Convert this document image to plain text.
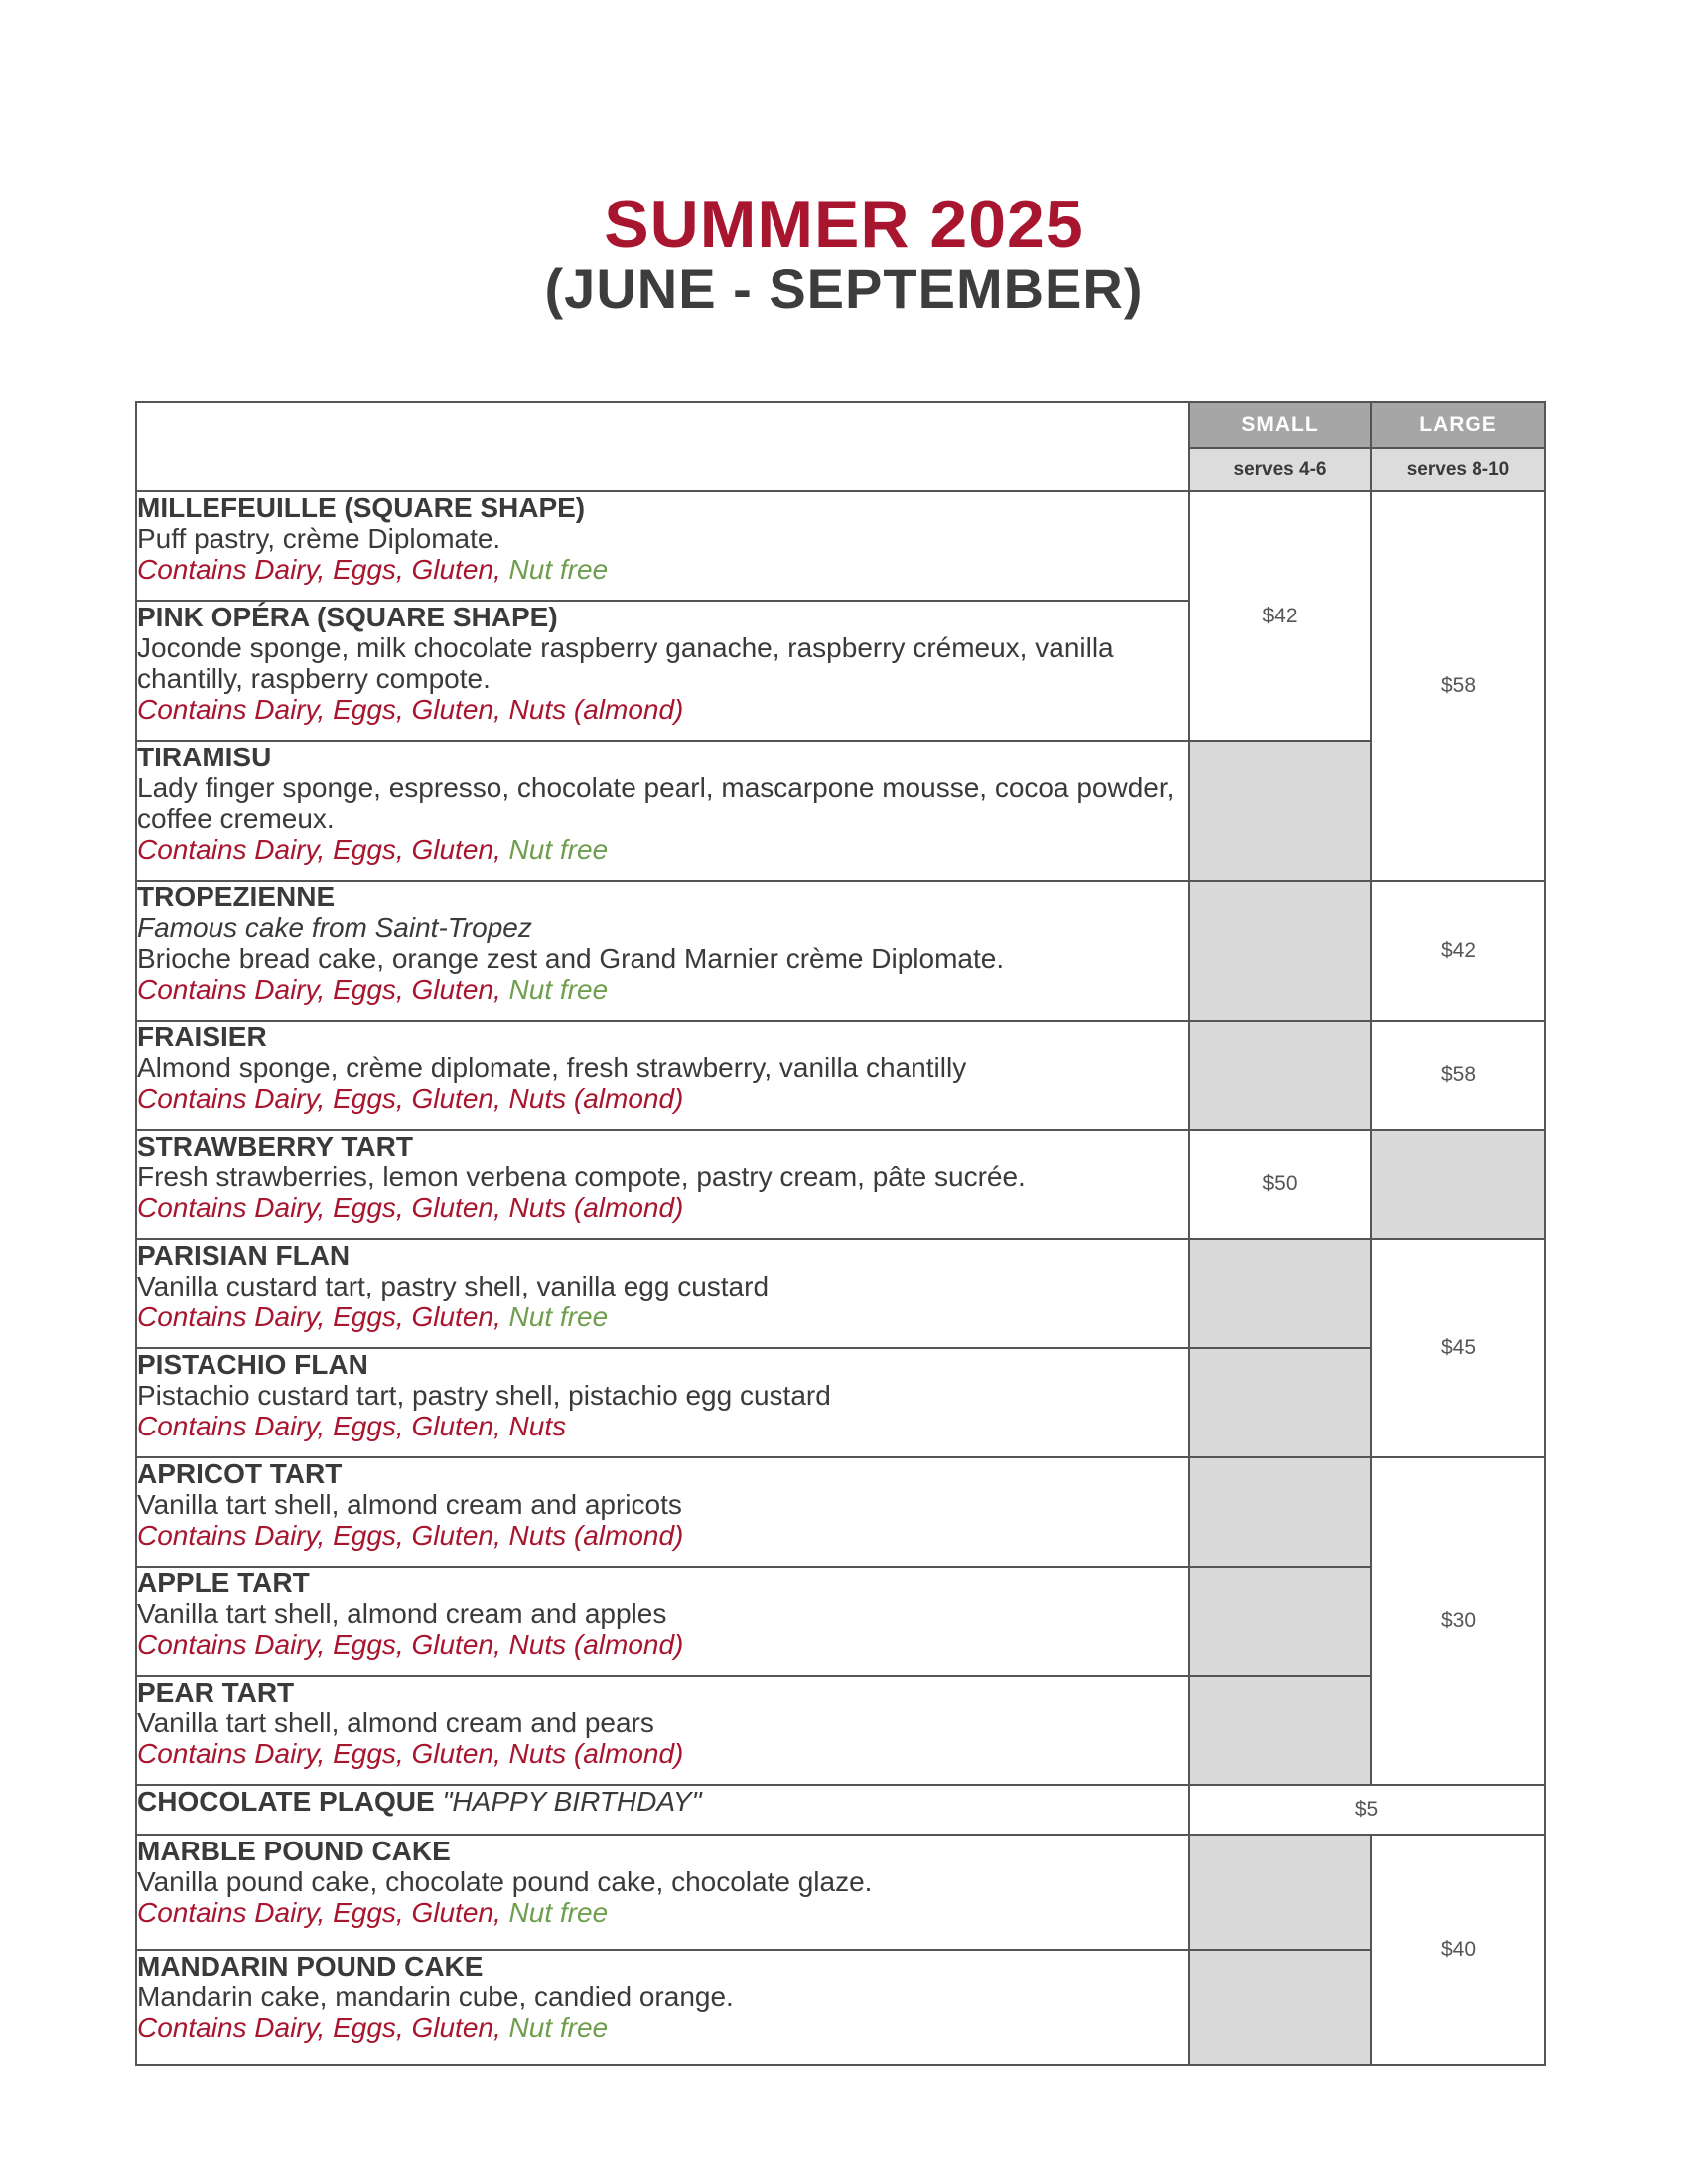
SUMMER 2025
(JUNE - SEPTEMBER)
	SMALL	LARGE
	serves 4-6	serves 8-10

MILLEFEUILLE (SQUARE SHAPE)
Puff pastry, crème Diplomate.
Contains Dairy, Eggs, Gluten, Nut free	$42	$58

PINK OPÉRA (SQUARE SHAPE)
Joconde sponge, milk chocolate raspberry ganache, raspberry crémeux, vanilla chantilly, raspberry compote.
Contains Dairy, Eggs, Gluten, Nuts (almond)		

TIRAMISU
Lady finger sponge, espresso, chocolate pearl, mascarpone mousse, cocoa powder, coffee cremeux.
Contains Dairy, Eggs, Gluten, Nut free		

TROPEZIENNE
Famous cake from Saint-Tropez
Brioche bread cake, orange zest and Grand Marnier crème Diplomate.
Contains Dairy, Eggs, Gluten, Nut free		$42

FRAISIER
Almond sponge, crème diplomate, fresh strawberry, vanilla chantilly
Contains Dairy, Eggs, Gluten, Nuts (almond)		$58

STRAWBERRY TART
Fresh strawberries, lemon verbena compote, pastry cream, pâte sucrée.
Contains Dairy, Eggs, Gluten, Nuts (almond)	$50	

PARISIAN FLAN
Vanilla custard tart, pastry shell, vanilla egg custard
Contains Dairy, Eggs, Gluten, Nut free		$45

PISTACHIO FLAN
Pistachio custard tart, pastry shell, pistachio egg custard
Contains Dairy, Eggs, Gluten, Nuts		

APRICOT TART
Vanilla tart shell, almond cream and apricots
Contains Dairy, Eggs, Gluten, Nuts (almond)		$30

APPLE TART
Vanilla tart shell, almond cream and apples
Contains Dairy, Eggs, Gluten, Nuts (almond)		

PEAR TART
Vanilla tart shell, almond cream and pears
Contains Dairy, Eggs, Gluten, Nuts (almond)		

CHOCOLATE PLAQUE "HAPPY BIRTHDAY"	$5	

MARBLE POUND CAKE
Vanilla pound cake, chocolate pound cake, chocolate glaze.
Contains Dairy, Eggs, Gluten, Nut free		$40

MANDARIN POUND CAKE
Mandarin cake, mandarin cube, candied orange.
Contains Dairy, Eggs, Gluten, Nut free		
